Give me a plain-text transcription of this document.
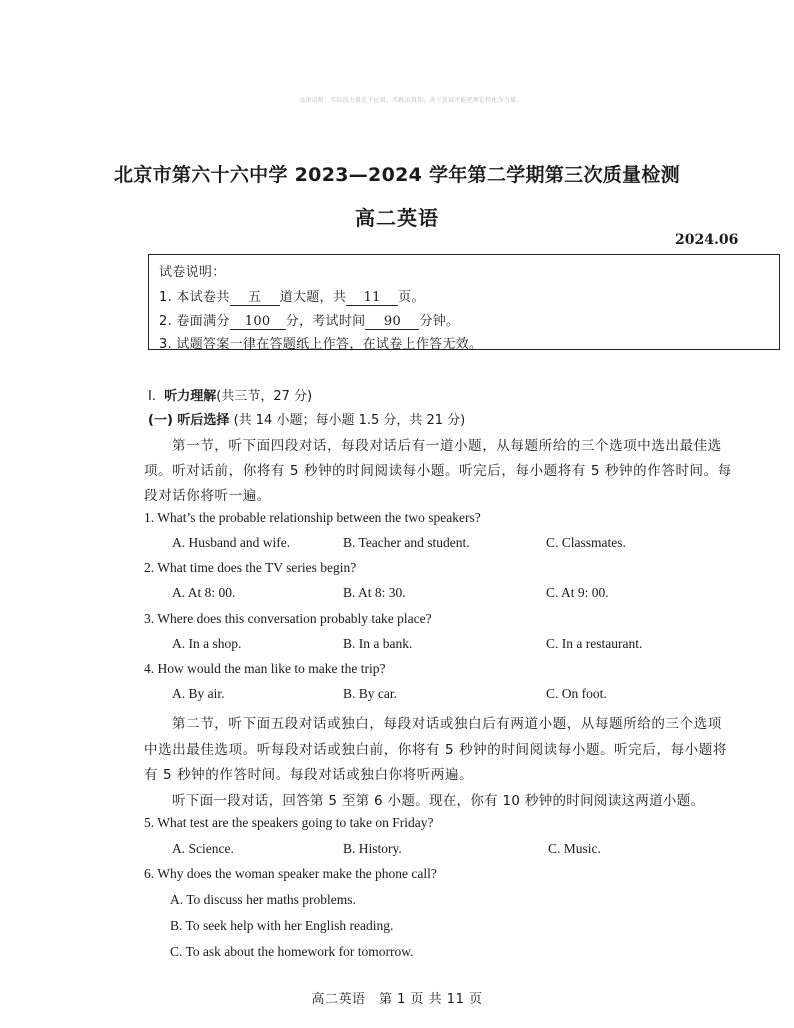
◎滚动附：实际的力量在于应用，实践出真知，善于尝试才能把理论转化为力量。
北京市第六十六中学 2023—2024 学年第二学期第三次质量检测
高二英语
2024.06
试卷说明：
1. 本试卷共 五 道大题，共 11 页。
2. 卷面满分 100 分，考试时间 90 分钟。
3. 试题答案一律在答题纸上作答，在试卷上作答无效。
Ⅰ. 听力理解(共三节，27 分)
(一) 听后选择 (共 14 小题；每小题 1.5 分，共 21 分)
第一节，听下面四段对话，每段对话后有一道小题，从每题所给的三个选项中选出最佳选
项。听对话前，你将有 5 秒钟的时间阅读每小题。听完后，每小题将有 5 秒钟的作答时间。每
段对话你将听一遍。
1. What’s the probable relationship between the two speakers?
A. Husband and wife.	B. Teacher and student.	C. Classmates.
2. What time does the TV series begin?
A. At 8: 00.	B. At 8: 30.	C. At 9: 00.
3. Where does this conversation probably take place?
A. In a shop.	B. In a bank.	C. In a restaurant.
4. How would the man like to make the trip?
A. By air.	B. By car.	C. On foot.
第二节，听下面五段对话或独白，每段对话或独白后有两道小题，从每题所给的三个选项
中选出最佳选项。听每段对话或独白前，你将有 5 秒钟的时间阅读每小题。听完后，每小题将
有 5 秒钟的作答时间。每段对话或独白你将听两遍。
听下面一段对话，回答第 5 至第 6 小题。现在，你有 10 秒钟的时间阅读这两道小题。
5. What test are the speakers going to take on Friday?
A. Science.	B. History.	C. Music.
6. Why does the woman speaker make the phone call?
A. To discuss her maths problems.
B. To seek help with her English reading.
C. To ask about the homework for tomorrow.
高二英语　第 1 页 共 11 页
